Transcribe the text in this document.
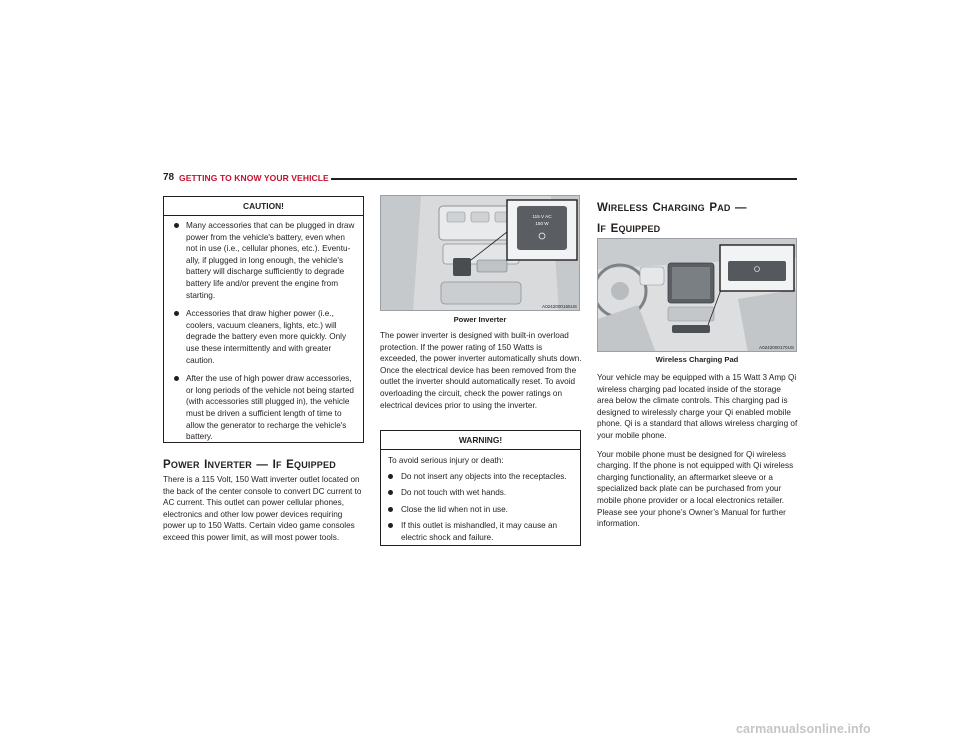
78 GETTING TO KNOW YOUR VEHICLE
CAUTION!
Many accessories that can be plugged in draw power from the vehicle's battery, even when not in use (i.e., cellular phones, etc.). Eventually, if plugged in long enough, the vehicle's battery will discharge sufficiently to degrade battery life and/or prevent the engine from starting.
Accessories that draw higher power (i.e., coolers, vacuum cleaners, lights, etc.) will degrade the battery even more quickly. Only use these intermittently and with greater caution.
After the use of high power draw accessories, or long periods of the vehicle not being started (with accessories still plugged in), the vehicle must be driven a sufficient length of time to allow the generator to recharge the vehicle's battery.
POWER INVERTER — IF EQUIPPED

There is a 115 Volt, 150 Watt inverter outlet located on the back of the center console to convert DC current to AC current. This outlet can power cellular phones, electronics and other low power devices requiring power up to 150 Watts. Certain video game consoles exceed this power limit, as will most power tools.

115 V AC
150 W
A0242000165US
Power Inverter

The power inverter is designed with built-in overload protection. If the power rating of 150 Watts is exceeded, the power inverter automatically shuts down. Once the electrical device has been removed from the outlet the inverter should automatically reset. To avoid overloading the circuit, check the power ratings on electrical devices prior to using the inverter.

WARNING!
To avoid serious injury or death:
Do not insert any objects into the receptacles.
Do not touch with wet hands.
Close the lid when not in use.
If this outlet is mishandled, it may cause an electric shock and failure.
WIRELESS CHARGING PAD —
IF EQUIPPED
A0242000170US
Wireless Charging Pad

Your vehicle may be equipped with a 15 Watt 3 Amp Qi wireless charging pad located inside of the storage area below the climate controls. This charging pad is designed to wirelessly charge your Qi enabled mobile phone. Qi is a standard that allows wireless charging of your mobile phone.

Your mobile phone must be designed for Qi wireless charging. If the phone is not equipped with Qi wireless charging functionality, an aftermarket sleeve or a specialized back plate can be purchased from your mobile phone provider or a local electronics retailer. Please see your phone’s Owner’s Manual for further information.

carmanualsonline.info
